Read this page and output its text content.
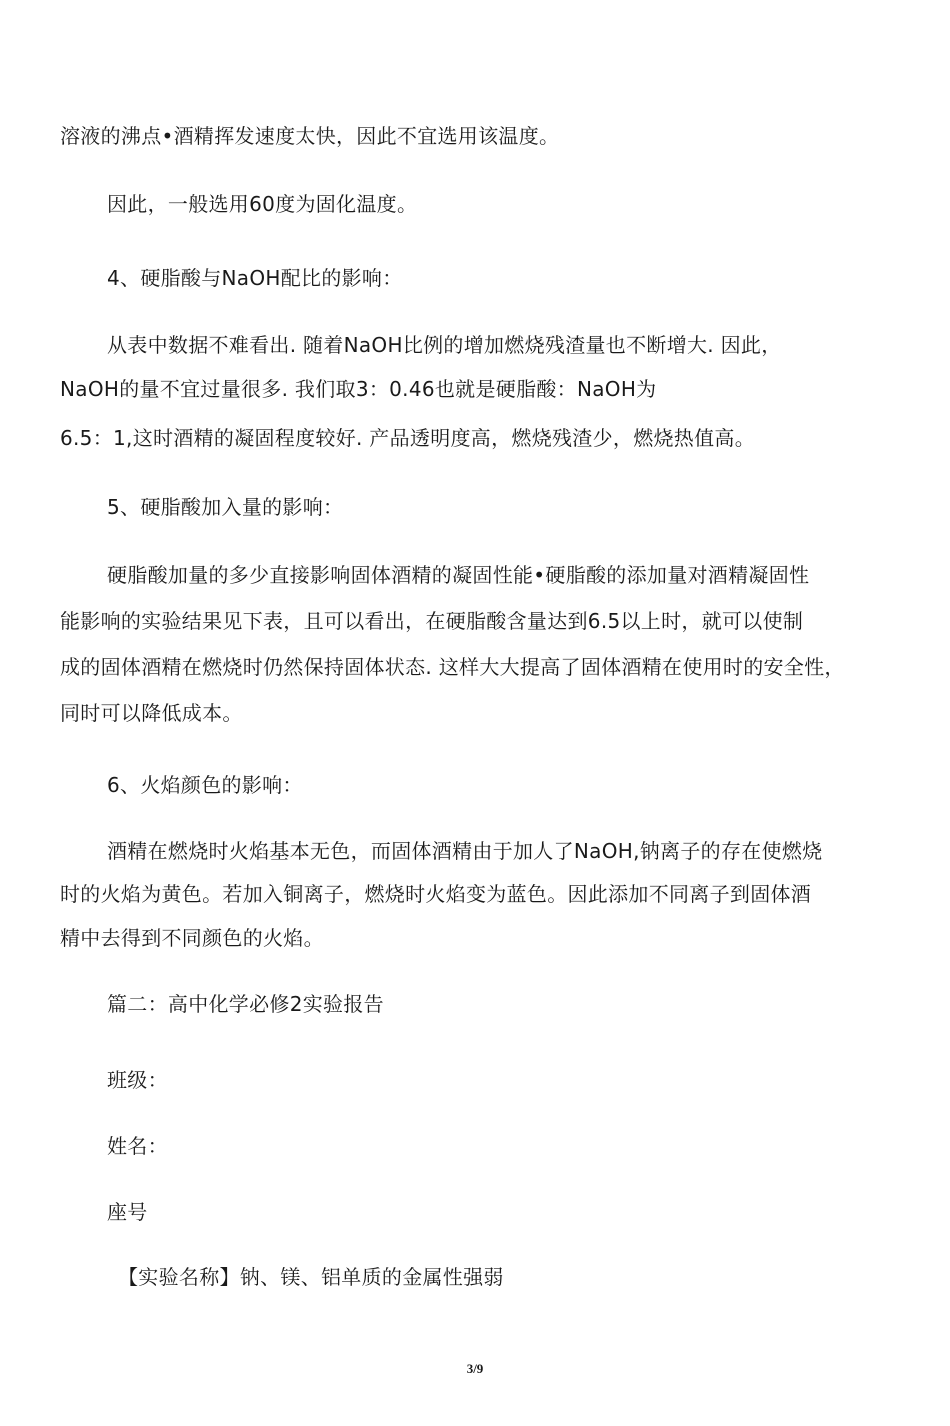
溶液的沸点•酒精挥发速度太快，因此不宜选用该温度。
因此，一般选用60度为固化温度。
4、硬脂酸与NaOH配比的影响：
从表中数据不难看出. 随着NaOH比例的增加燃烧残渣量也不断增大. 因此，
NaOH的量不宜过量很多. 我们取3：0.46也就是硬脂酸：NaOH为
6.5：1,这时酒精的凝固程度较好. 产品透明度高，燃烧残渣少，燃烧热值高。
5、硬脂酸加入量的影响：
硬脂酸加量的多少直接影响固体酒精的凝固性能•硬脂酸的添加量对酒精凝固性
能影响的实验结果见下表，且可以看出，在硬脂酸含量达到6.5以上时，就可以使制
成的固体酒精在燃烧时仍然保持固体状态. 这样大大提高了固体酒精在使用时的安全性，
同时可以降低成本。
6、火焰颜色的影响：
酒精在燃烧时火焰基本无色，而固体酒精由于加人了NaOH,钠离子的存在使燃烧
时的火焰为黄色。若加入铜离子，燃烧时火焰变为蓝色。因此添加不同离子到固体酒
精中去得到不同颜色的火焰。
篇二：高中化学必修2实验报告
班级：
姓名：
座号
【实验名称】钠、镁、铝单质的金属性强弱
3/9
